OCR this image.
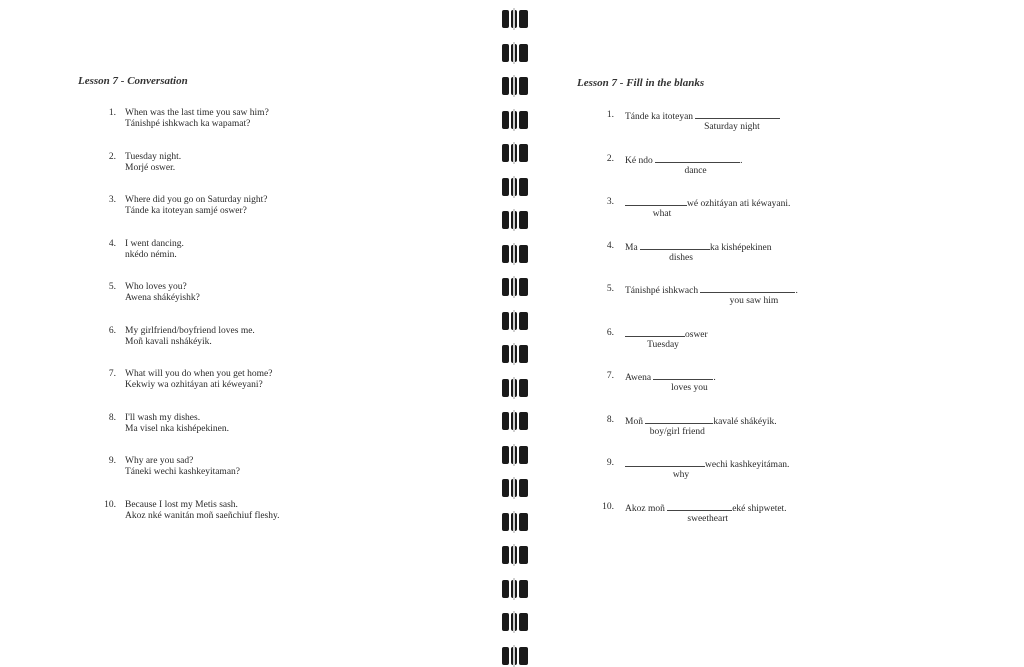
Lesson 7 - Conversation
1. When was the last time you saw him?
Tánishpé ishkwach ka wapamat?
2. Tuesday night.
Morjé oswer.
3. Where did you go on Saturday night?
Tánde ka itoteyan samjé oswer?
4. I went dancing.
nkédo némin.
5. Who loves you?
Awena shákéyishk?
6. My girlfriend/boyfriend loves me.
Moñ kavali nshákéyik.
7. What will you do when you get home?
Kekwiy wa ozhitáyan ati kéweyani?
8. I'll wash my dishes.
Ma visel nka kishépekinen.
9. Why are you sad?
Táneki wechi kashkeyitaman?
10. Because I lost my Metis sash.
Akoz nké wanitán moñ saeñchiuf fleshy.
Lesson 7 - Fill in the blanks
1. Tánde ka itoteyan
Saturday night
2. Ké ndo	.
dance
3.	wé ozhitáyan ati kéwayani.
what
4. Ma	ka kishépekinen
dishes
5. Tánishpé ishkwach	.
you saw him
6.	oswer
Tuesday
7. Awena	.
loves you
8. Moñ	kavalé shákéyik.
boy/girl friend
9.	wechi kashkeyitáman.
why
10. Akoz moñ	eké shipwetet.
sweetheart
